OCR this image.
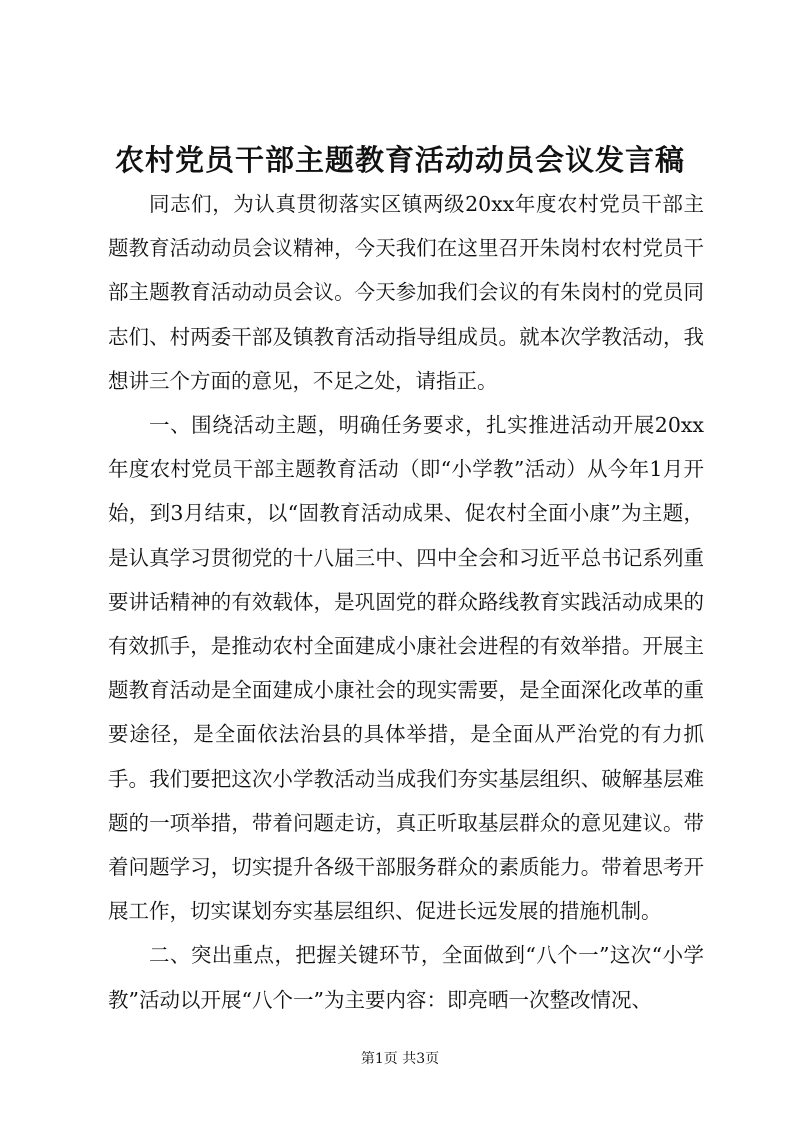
农村党员干部主题教育活动动员会议发言稿

同志们，为认真贯彻落实区镇两级20xx年度农村党员干部主题教育活动动员会议精神，今天我们在这里召开朱岗村农村党员干部主题教育活动动员会议。今天参加我们会议的有朱岗村的党员同志们、村两委干部及镇教育活动指导组成员。就本次学教活动，我想讲三个方面的意见，不足之处，请指正。

一、围绕活动主题，明确任务要求，扎实推进活动开展20xx年度农村党员干部主题教育活动（即“小学教”活动）从今年1月开始，到3月结束，以“固教育活动成果、促农村全面小康”为主题，是认真学习贯彻党的十八届三中、四中全会和习近平总书记系列重要讲话精神的有效载体，是巩固党的群众路线教育实践活动成果的有效抓手，是推动农村全面建成小康社会进程的有效举措。开展主题教育活动是全面建成小康社会的现实需要，是全面深化改革的重要途径，是全面依法治县的具体举措，是全面从严治党的有力抓手。我们要把这次小学教活动当成我们夯实基层组织、破解基层难题的一项举措，带着问题走访，真正听取基层群众的意见建议。带着问题学习，切实提升各级干部服务群众的素质能力。带着思考开展工作，切实谋划夯实基层组织、促进长远发展的措施机制。

二、突出重点，把握关键环节，全面做到“八个一”这次“小学教”活动以开展“八个一”为主要内容：即亮晒一次整改情况、

第1页 共3页
